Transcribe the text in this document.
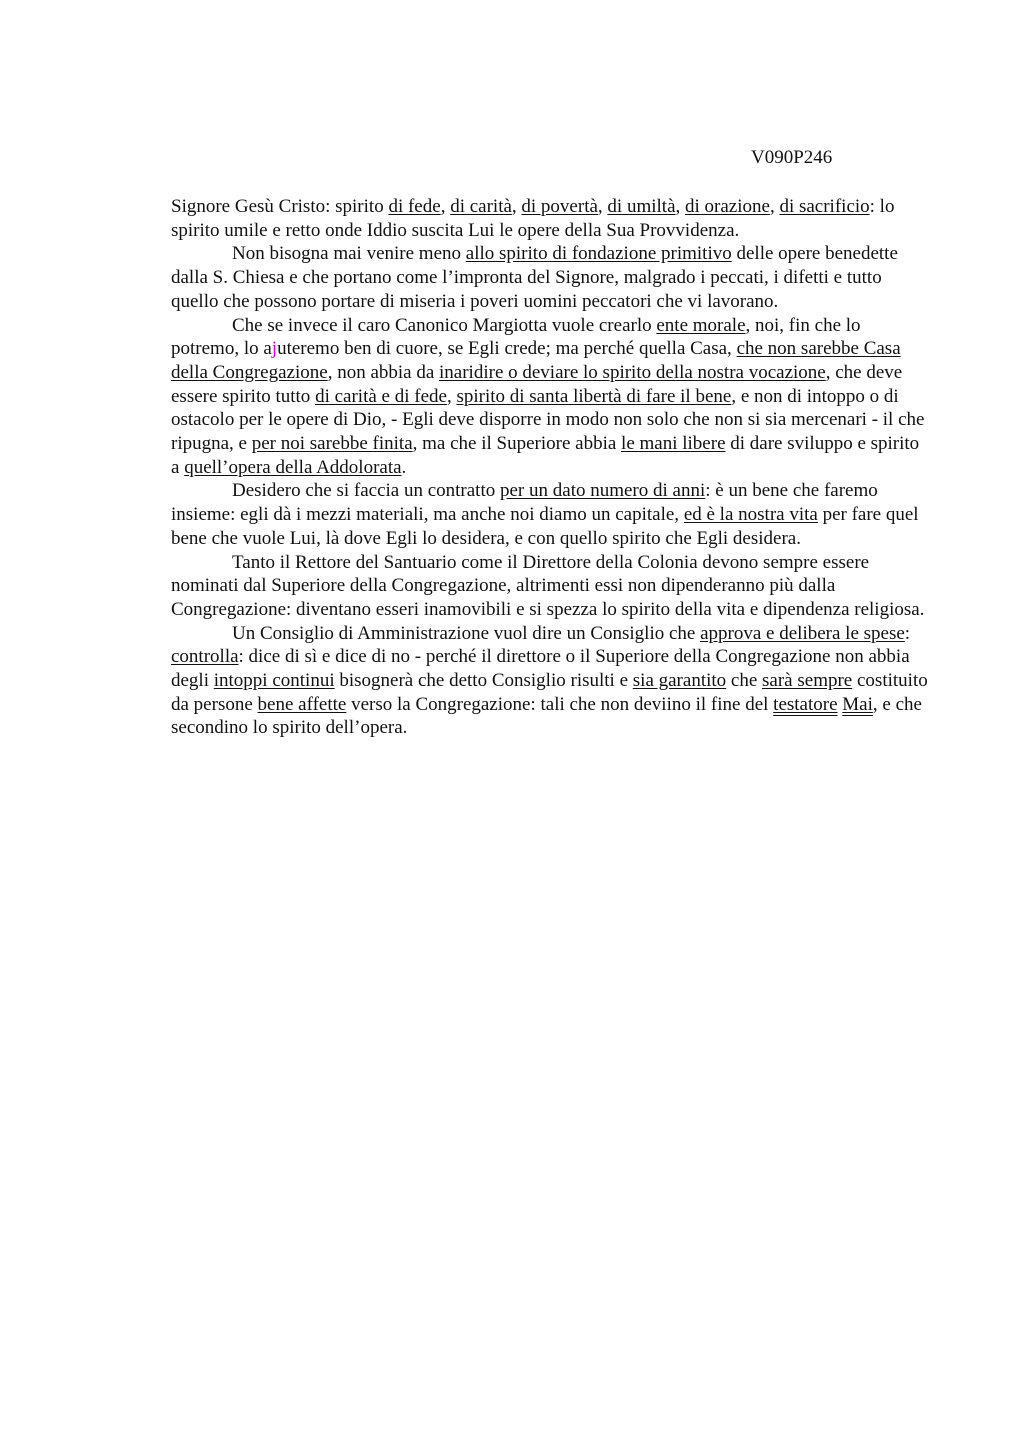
V090P246

Signore Gesù Cristo: spirito di fede, di carità, di povertà, di umiltà, di orazione, di sacrificio: lo spirito umile e retto onde Iddio suscita Lui le opere della Sua Provvidenza.

Non bisogna mai venire meno allo spirito di fondazione primitivo delle opere benedette dalla S. Chiesa e che portano come l’impronta del Signore, malgrado i peccati, i difetti e tutto quello che possono portare di miseria i poveri uomini peccatori che vi lavorano.

Che se invece il caro Canonico Margiotta vuole crearlo ente morale, noi, fin che lo potremo, lo ajuteremo ben di cuore, se Egli crede; ma perché quella Casa, che non sarebbe Casa della Congregazione, non abbia da inaridire o deviare lo spirito della nostra vocazione, che deve essere spirito tutto di carità e di fede, spirito di santa libertà di fare il bene, e non di intoppo o di ostacolo per le opere di Dio, - Egli deve disporre in modo non solo che non si sia mercenari - il che ripugna, e per noi sarebbe finita, ma che il Superiore abbia le mani libere di dare sviluppo e spirito a quell’opera della Addolorata.

Desidero che si faccia un contratto per un dato numero di anni: è un bene che faremo insieme: egli dà i mezzi materiali, ma anche noi diamo un capitale, ed è la nostra vita per fare quel bene che vuole Lui, là dove Egli lo desidera, e con quello spirito che Egli desidera.

Tanto il Rettore del Santuario come il Direttore della Colonia devono sempre essere nominati dal Superiore della Congregazione, altrimenti essi non dipenderanno più dalla Congregazione: diventano esseri inamovibili e si spezza lo spirito della vita e dipendenza religiosa.

Un Consiglio di Amministrazione vuol dire un Consiglio che approva e delibera le spese: controlla: dice di sì e dice di no - perché il direttore o il Superiore della Congregazione non abbia degli intoppi continui bisognerà che detto Consiglio risulti e sia garantito che sarà sempre costituito da persone bene affette verso la Congregazione: tali che non deviino il fine del testatore Mai, e che secondino lo spirito dell’opera.
